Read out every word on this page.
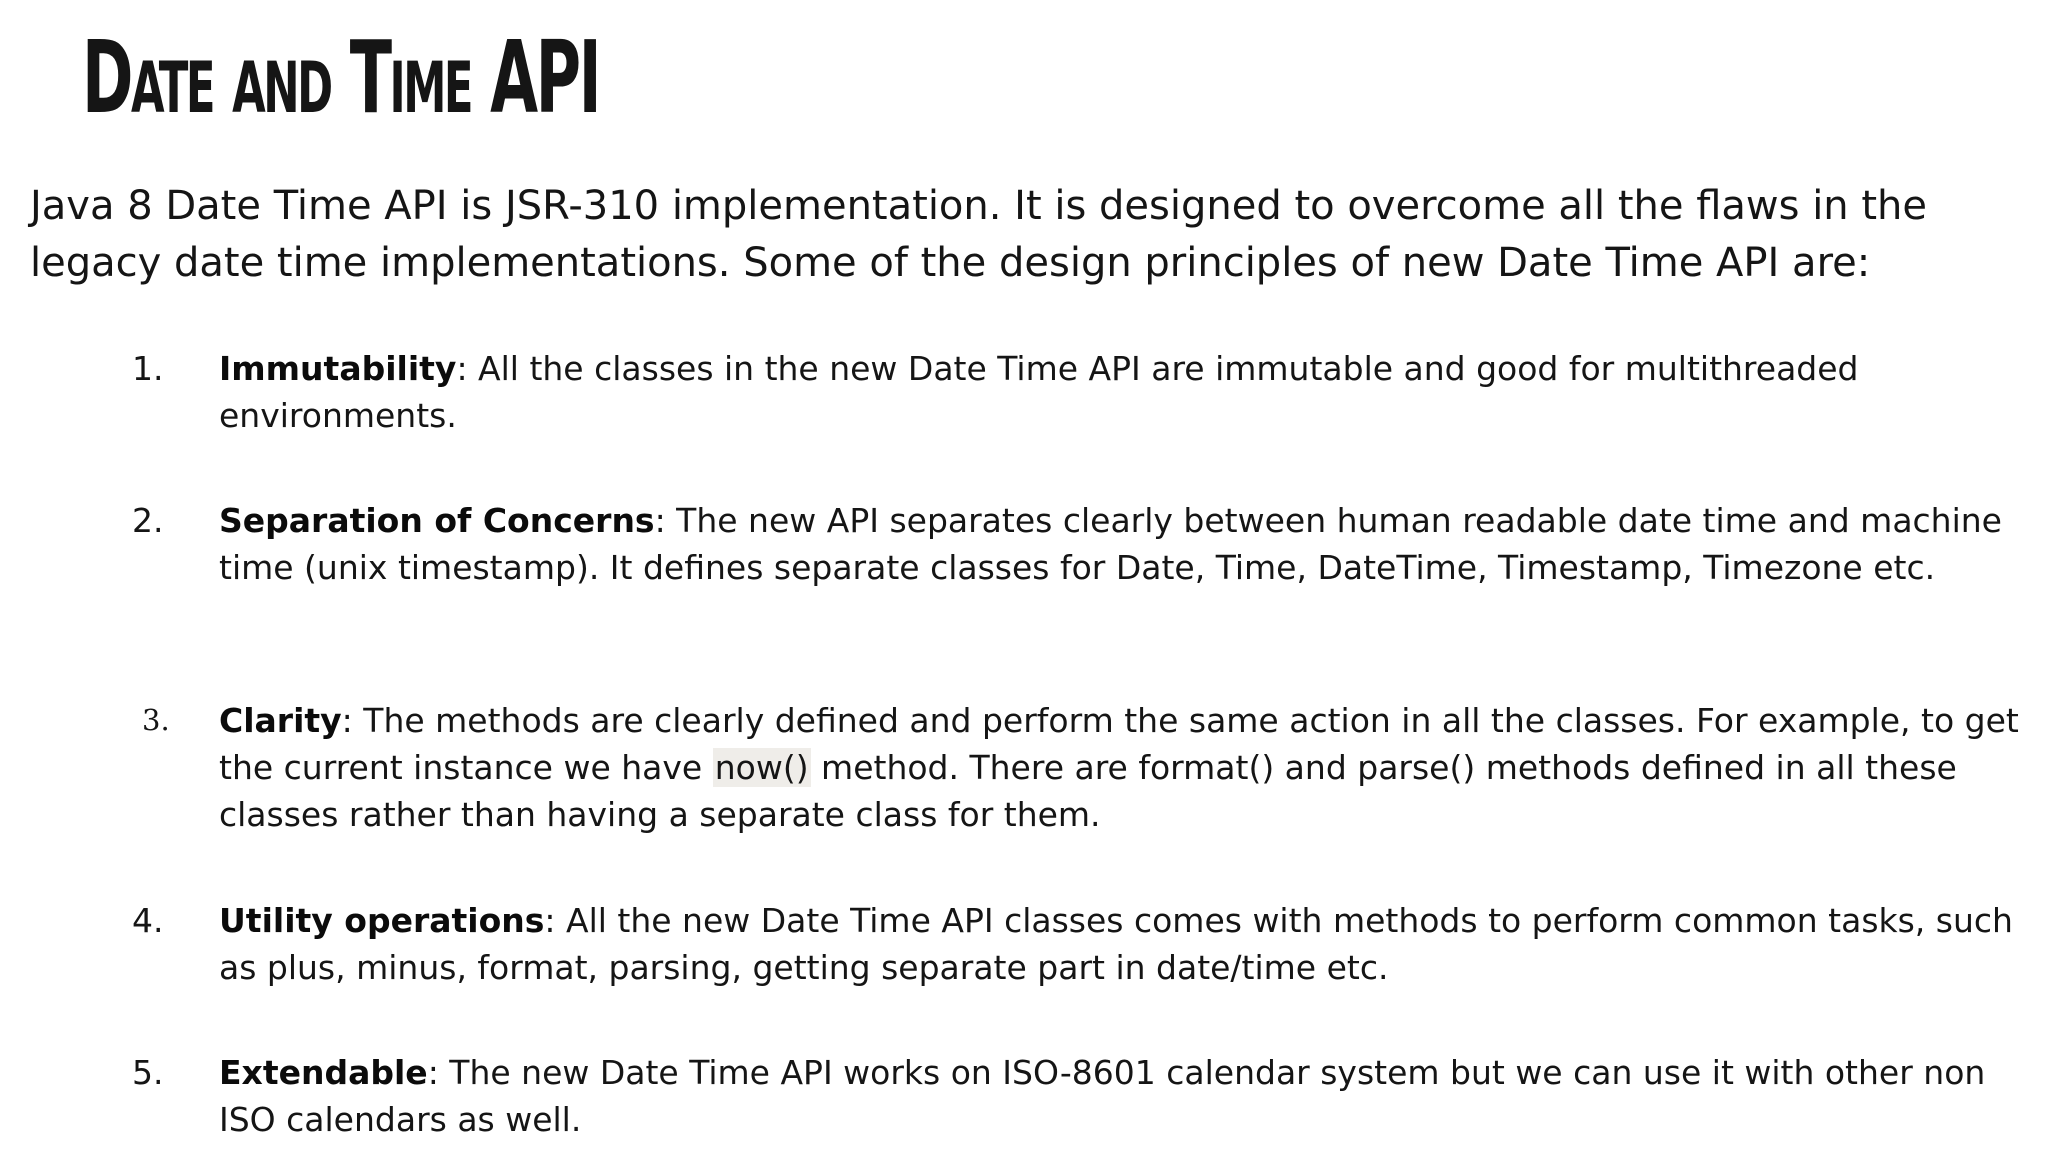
Date and Time API

Java 8 Date Time API is JSR-310 implementation. It is designed to overcome all the flaws in the legacy date time implementations. Some of the design principles of new Date Time API are:

1. Immutability: All the classes in the new Date Time API are immutable and good for multithreaded environments.
2. Separation of Concerns: The new API separates clearly between human readable date time and machine time (unix timestamp). It defines separate classes for Date, Time, DateTime, Timestamp, Timezone etc.
3. Clarity: The methods are clearly defined and perform the same action in all the classes. For example, to get the current instance we have now() method. There are format() and parse() methods defined in all these classes rather than having a separate class for them.
4. Utility operations: All the new Date Time API classes comes with methods to perform common tasks, such as plus, minus, format, parsing, getting separate part in date/time etc.
5. Extendable: The new Date Time API works on ISO-8601 calendar system but we can use it with other non ISO calendars as well.
